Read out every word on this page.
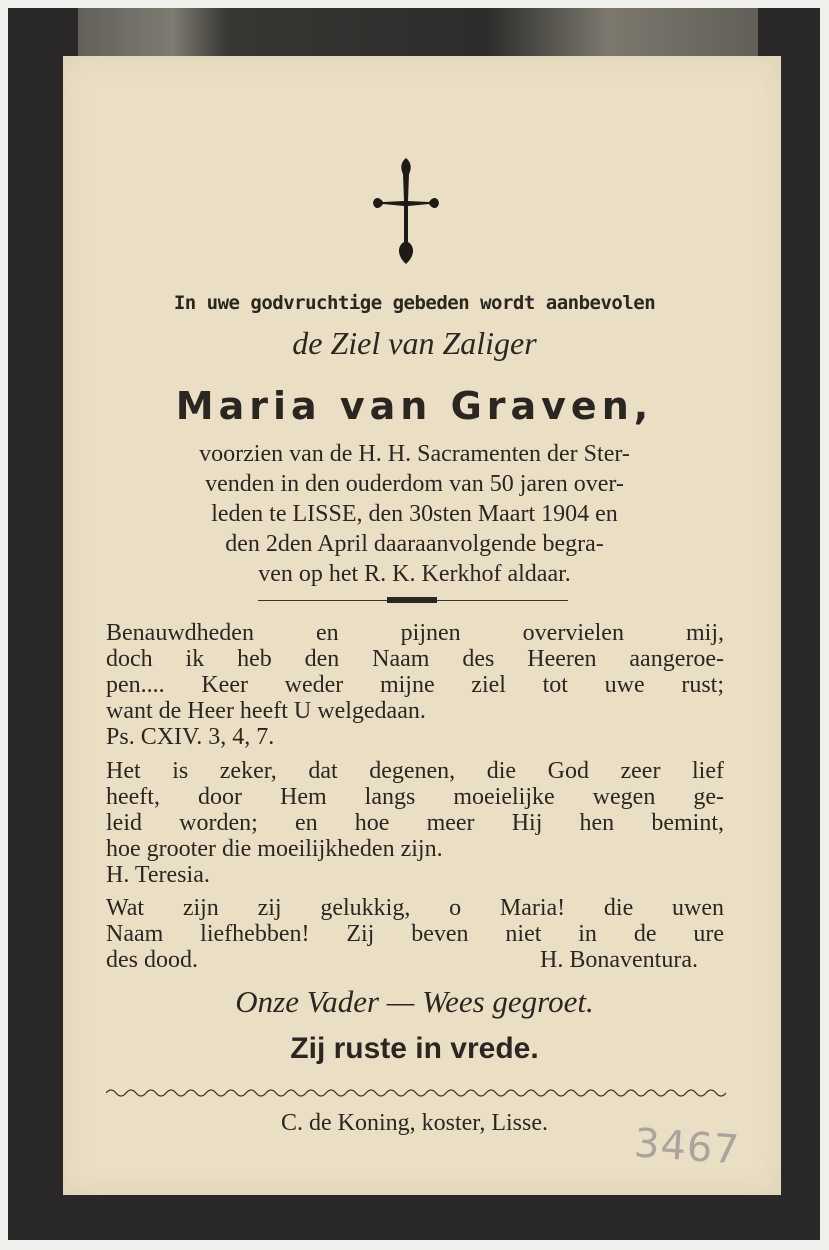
In uwe godvruchtige gebeden wordt aanbevolen
de Ziel van Zaliger
Maria van Graven,
voorzien van de H. H. Sacramenten der Ster-
venden in den ouderdom van 50 jaren over-
leden te LISSE, den 30sten Maart 1904 en
den 2den April daaraanvolgende begra-
ven op het R. K. Kerkhof aldaar.

Benauwdheden en pijnen overvielen mij,

doch ik heb den Naam des Heeren aangeroe-

pen.... Keer weder mijne ziel tot uwe rust;

want de Heer heeft U welgedaan.

Ps. CXIV. 3, 4, 7.

Het is zeker, dat degenen, die God zeer lief

heeft, door Hem langs moeielijke wegen ge-

leid worden; en hoe meer Hij hen bemint,

hoe grooter die moeilijkheden zijn.

H. Teresia.

Wat zijn zij gelukkig, o Maria! die uwen

Naam liefhebben! Zij beven niet in de ure

des dood.	H. Bonaventura.

Onze Vader — Wees gegroet.
Zij ruste in vrede.
C. de Koning, koster, Lisse.	3467
